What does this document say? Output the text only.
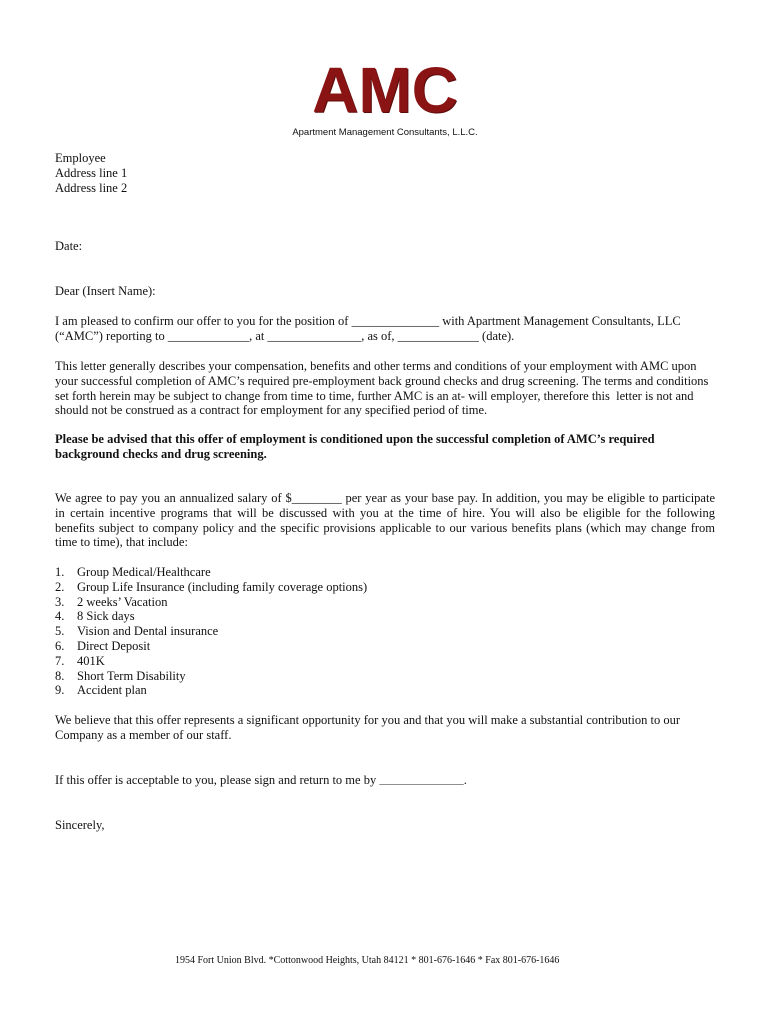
AMC
Apartment Management Consultants, L.L.C.
Employee
Address line 1
Address line 2
Date:
Dear (Insert Name):
I am pleased to confirm our offer to you for the position of ______________ with Apartment Management Consultants, LLC
(“AMC”) reporting to _____________, at _______________, as of, _____________ (date).
This letter generally describes your compensation, benefits and other terms and conditions of your employment with AMC upon
your successful completion of AMC’s required pre-employment back ground checks and drug screening. The terms and conditions
set forth herein may be subject to change from time to time, further AMC is an at- will employer, therefore this  letter is not and
should not be construed as a contract for employment for any specified period of time.
Please be advised that this offer of employment is conditioned upon the successful completion of AMC’s required
background checks and drug screening.
We agree to pay you an annualized salary of $________ per year as your base pay. In addition, you may be eligible to participate
in certain incentive programs that will be discussed with you at the time of hire. You will also be eligible for the following
benefits subject to company policy and the specific provisions applicable to our various benefits plans (which may change from
time to time), that include:
1.	Group Medical/Healthcare
2.	Group Life Insurance (including family coverage options)
3.	2 weeks’ Vacation
4.	8 Sick days
5.	Vision and Dental insurance
6.	Direct Deposit
7.	401K
8.	Short Term Disability
9.	Accident plan
We believe that this offer represents a significant opportunity for you and that you will make a substantial contribution to our
Company as a member of our staff.
If this offer is acceptable to you, please sign and return to me by __________________.
Sincerely,
1954 Fort Union Blvd. *Cottonwood Heights, Utah 84121 * 801-676-1646 * Fax 801-676-1646
